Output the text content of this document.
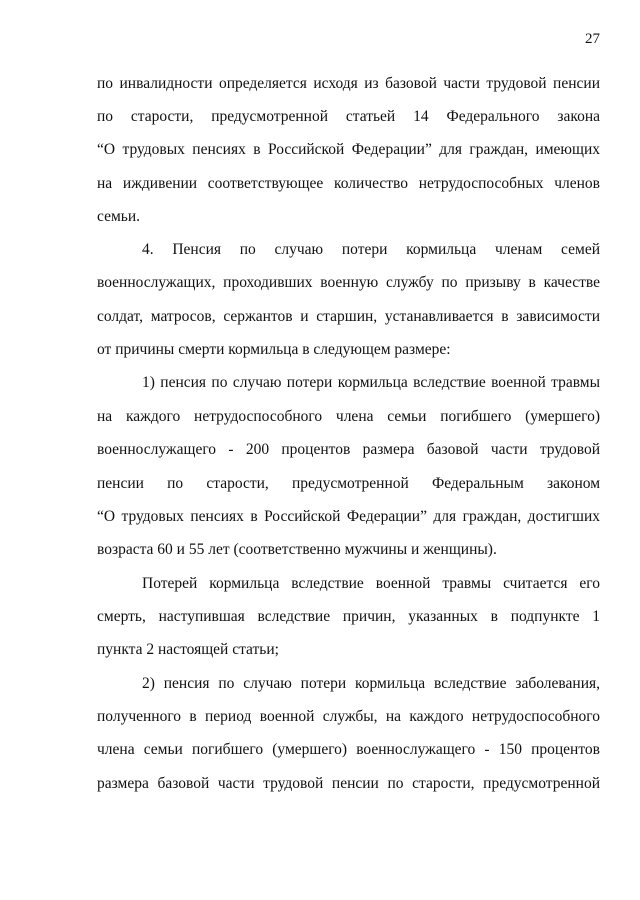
27
по инвалидности определяется исходя из базовой части трудовой пенсии
по старости, предусмотренной статьей 14 Федерального закона
“О трудовых пенсиях в Российской Федерации” для граждан, имеющих
на иждивении соответствующее количество нетрудоспособных членов
семьи.
4. Пенсия по случаю потери кормильца членам семей
военнослужащих, проходивших военную службу по призыву в качестве
солдат, матросов, сержантов и старшин, устанавливается в зависимости
от причины смерти кормильца в следующем размере:
1) пенсия по случаю потери кормильца вследствие военной травмы
на каждого нетрудоспособного члена семьи погибшего (умершего)
военнослужащего - 200 процентов размера базовой части трудовой
пенсии по старости, предусмотренной Федеральным законом
“О трудовых пенсиях в Российской Федерации” для граждан, достигших
возраста 60 и 55 лет (соответственно мужчины и женщины).
Потерей кормильца вследствие военной травмы считается его
смерть, наступившая вследствие причин, указанных в подпункте 1
пункта 2 настоящей статьи;
2) пенсия по случаю потери кормильца вследствие заболевания,
полученного в период военной службы, на каждого нетрудоспособного
члена семьи погибшего (умершего) военнослужащего - 150 процентов
размера базовой части трудовой пенсии по старости, предусмотренной
